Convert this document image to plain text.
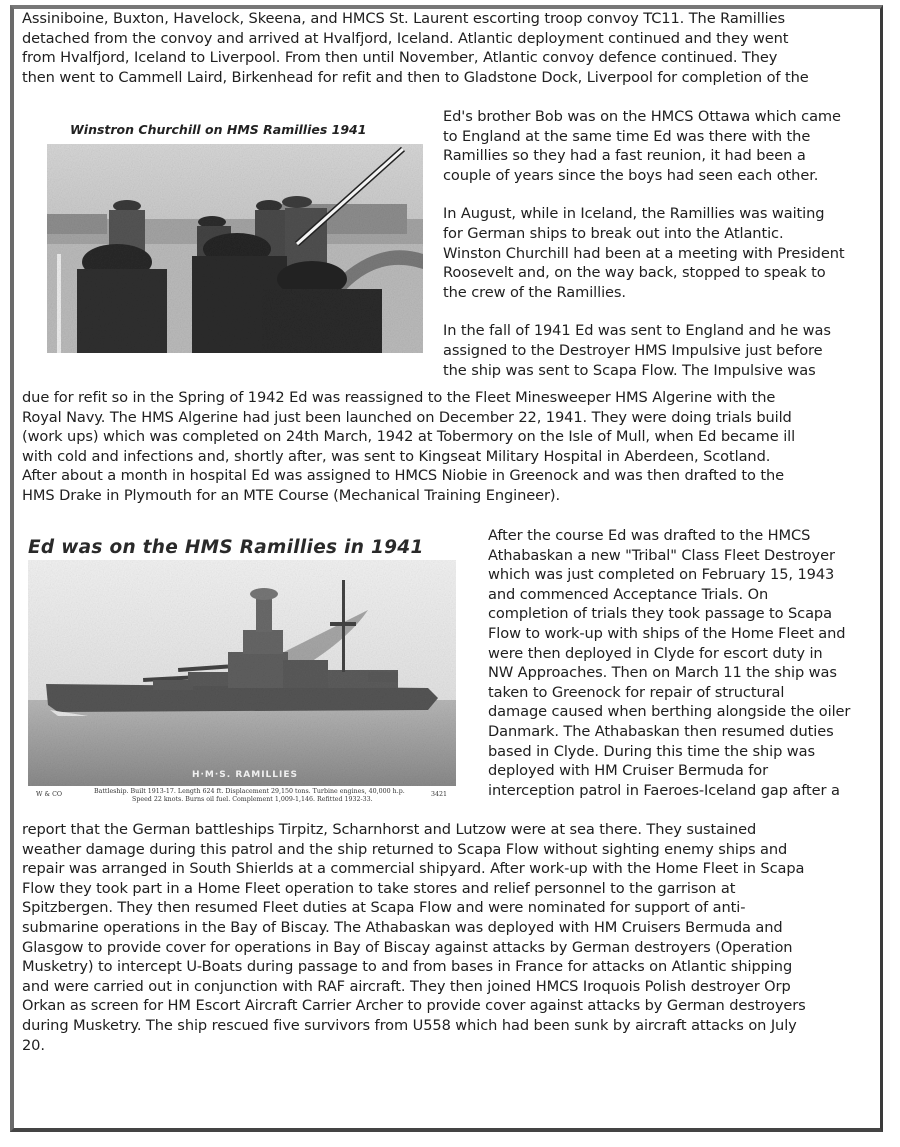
Assiniboine, Buxton, Havelock, Skeena, and HMCS St. Laurent escorting troop convoy TC11. The Ramillies
detached from the convoy and arrived at Hvalfjord, Iceland. Atlantic deployment continued and they went
from Hvalfjord, Iceland to Liverpool. From then until November, Atlantic convoy defence continued. They
then went to Cammell Laird, Birkenhead for refit and then to Gladstone Dock, Liverpool for completion of the
Winstron Churchill on HMS Ramillies 1941
Ed's brother Bob was on the HMCS Ottawa which came
to England at the same time Ed was there with the
Ramillies so they had a fast reunion, it had been a
couple of years since the boys had seen each other.
In August, while in Iceland, the Ramillies was waiting
for German ships to break out into the Atlantic.
Winston Churchill had been at a meeting with President
Roosevelt and, on the way back, stopped to speak to
the crew of the Ramillies.
In the fall of 1941 Ed was sent to England and he was
assigned to the Destroyer HMS Impulsive just before
the ship was sent to Scapa Flow. The Impulsive was
due for refit so in the Spring of 1942 Ed was reassigned to the Fleet Minesweeper HMS Algerine with the
Royal Navy. The HMS Algerine had just been launched on December 22, 1941. They were doing trials build
(work ups) which was completed on 24th March, 1942 at Tobermory on the Isle of Mull, when Ed became ill
with cold and infections and, shortly after, was sent to Kingseat Military Hospital in Aberdeen, Scotland.
After about a month in hospital Ed was assigned to HMCS Niobie in Greenock and was then drafted to the
HMS Drake in Plymouth for an MTE Course (Mechanical Training Engineer).
Ed was on the HMS Ramillies in 1941
H·M·S. RAMILLIES
W & CO	Battleship. Built 1913-17. Length 624 ft. Displacement 29,150 tons. Turbine engines, 40,000 h.p.
Speed 22 knots. Burns oil fuel. Complement 1,009-1,146. Refitted 1932-33.
3421
After the course Ed was drafted to the HMCS
Athabaskan a new "Tribal" Class Fleet Destroyer
which was just completed on February 15, 1943
and commenced Acceptance Trials. On
completion of trials they took passage to Scapa
Flow to work-up with ships of the Home Fleet and
were then deployed in Clyde for escort duty in
NW Approaches. Then on March 11 the ship was
taken to Greenock for repair of structural
damage caused when berthing alongside the oiler
Danmark. The Athabaskan then resumed duties
based in Clyde. During this time the ship was
deployed with HM Cruiser Bermuda for
interception patrol in Faeroes-Iceland gap after a
report that the German battleships Tirpitz, Scharnhorst and Lutzow were at sea there. They sustained
weather damage during this patrol and the ship returned to Scapa Flow without sighting enemy ships and
repair was arranged in South Shierlds at a commercial shipyard. After work-up with the Home Fleet in Scapa
Flow they took part in a Home Fleet operation to take stores and relief personnel to the garrison at
Spitzbergen. They then resumed Fleet duties at Scapa Flow and were nominated for support of anti-
submarine operations in the Bay of Biscay. The Athabaskan was deployed with HM Cruisers Bermuda and
Glasgow to provide cover for operations in Bay of Biscay against attacks by German destroyers (Operation
Musketry) to intercept U-Boats during passage to and from bases in France for attacks on Atlantic shipping
and were carried out in conjunction with RAF aircraft. They then joined HMCS Iroquois Polish destroyer Orp
Orkan as screen for HM Escort Aircraft Carrier Archer to provide cover against attacks by German destroyers
during Musketry. The ship rescued five survivors from U558 which had been sunk by aircraft attacks on July
20.
